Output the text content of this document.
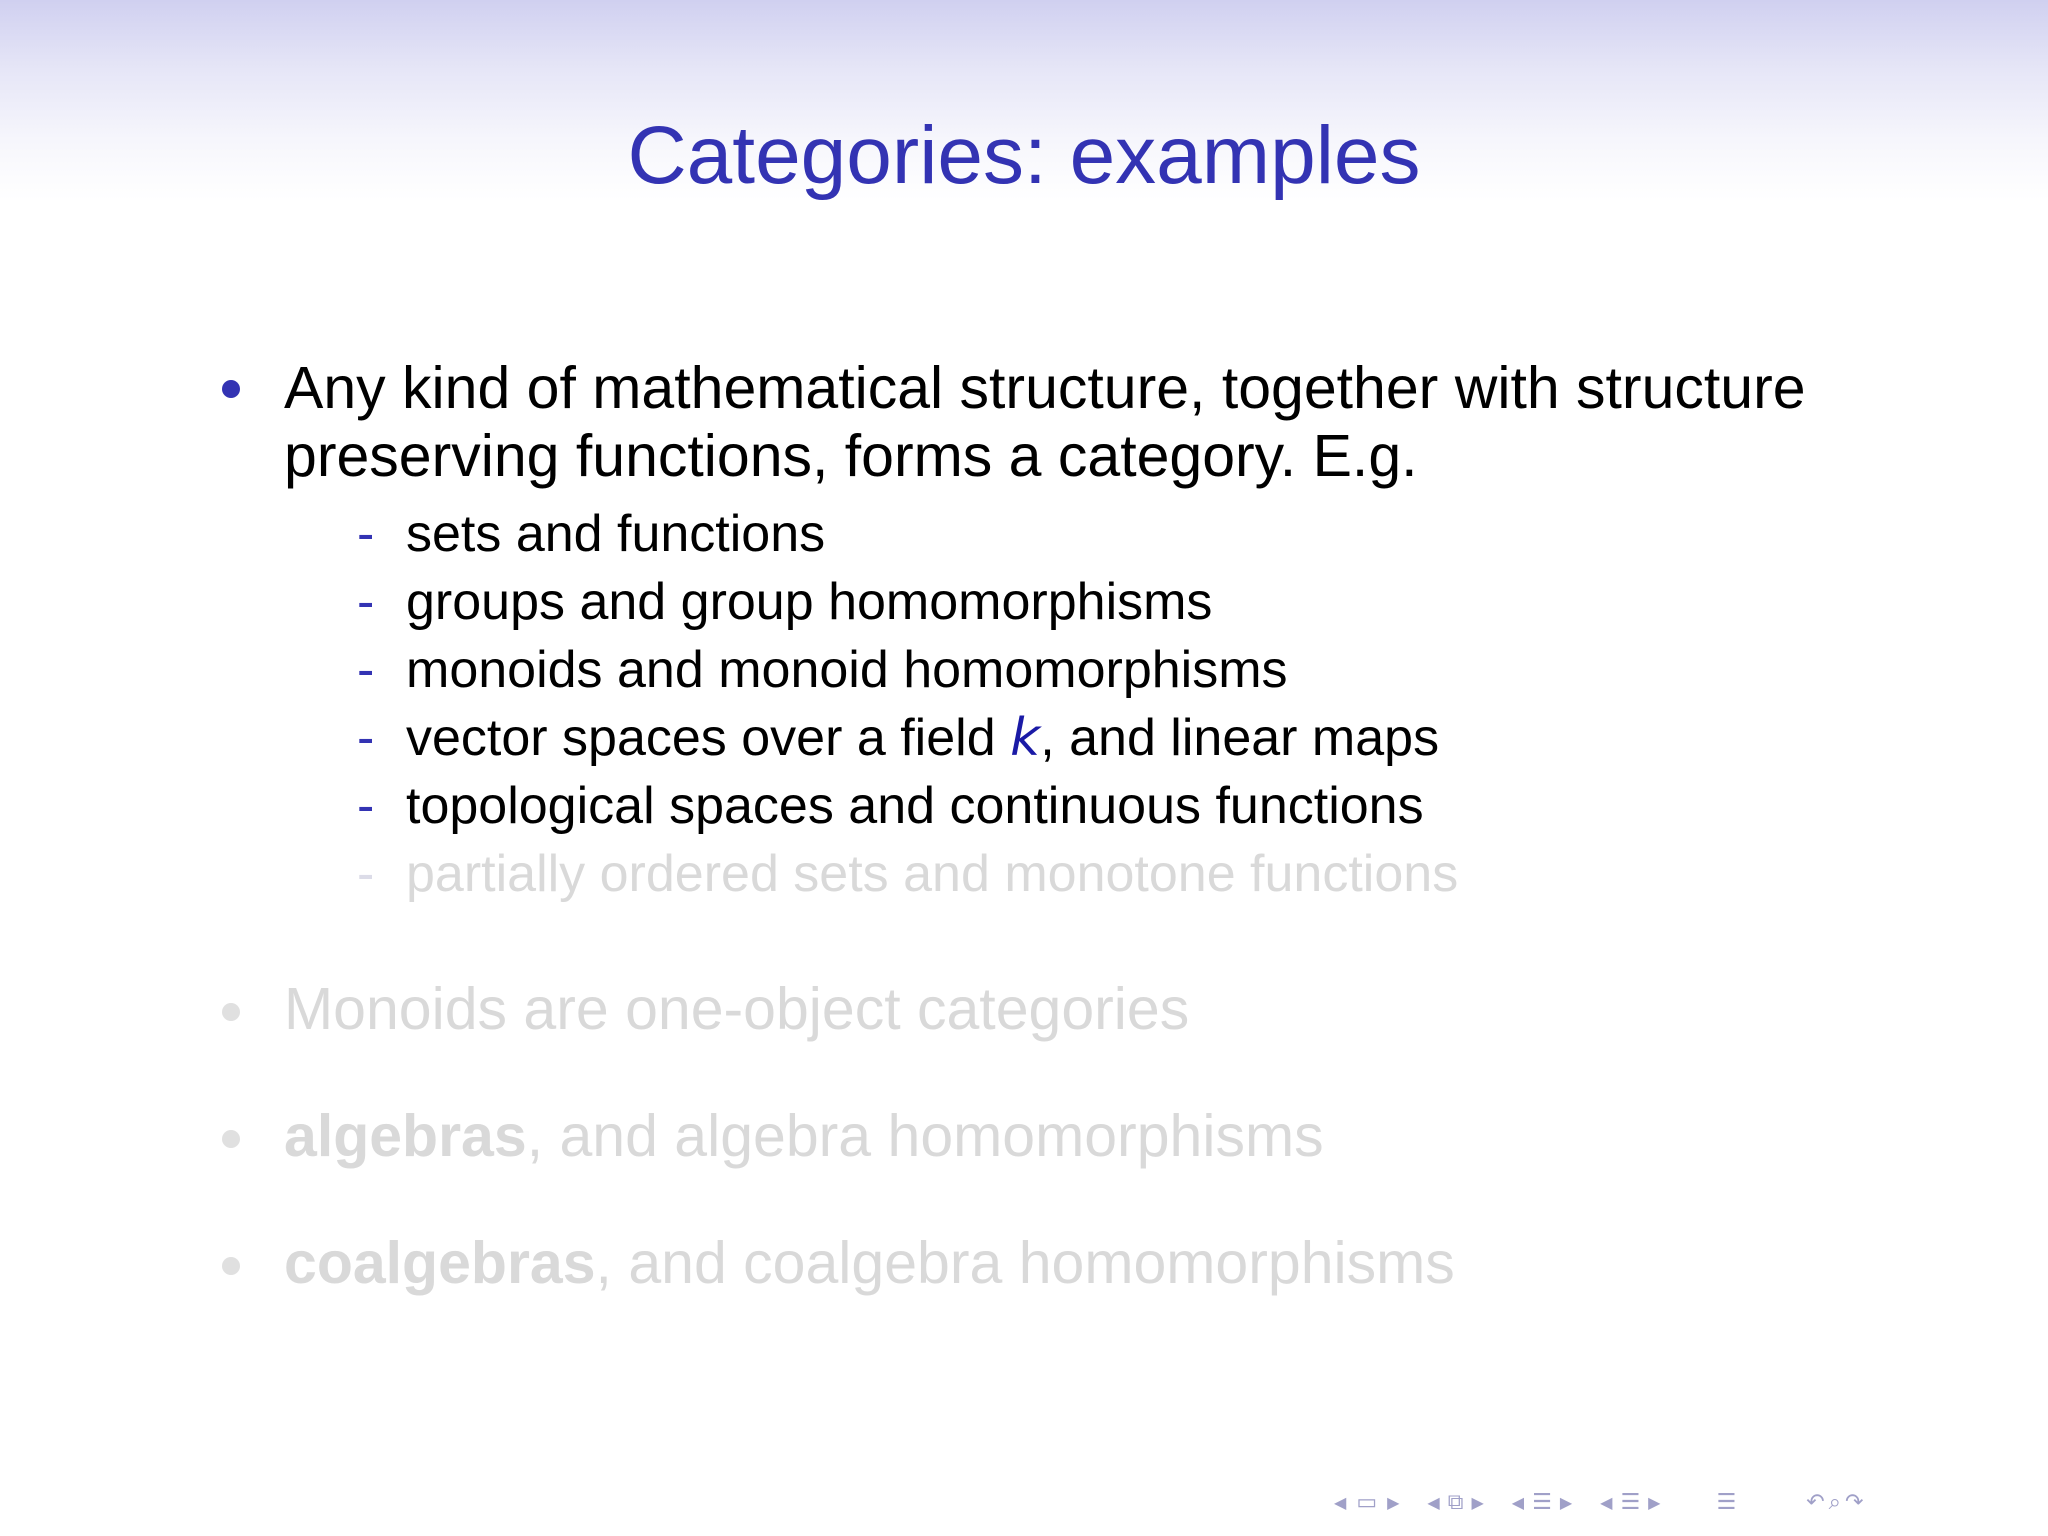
Categories: examples
Any kind of mathematical structure, together with structure
preserving functions, forms a category. E.g.
- sets and functions
- groups and group homomorphisms
- monoids and monoid homomorphisms
- vector spaces over a field k, and linear maps
- topological spaces and continuous functions
- partially ordered sets and monotone functions
Monoids are one-object categories
algebras, and algebra homomorphisms
coalgebras, and coalgebra homomorphisms
◀ ▭ ▶ ◀ ⧉ ▶ ◀ ☰ ▶ ◀ ☰ ▶	☰	↶ ⌕ ↷
